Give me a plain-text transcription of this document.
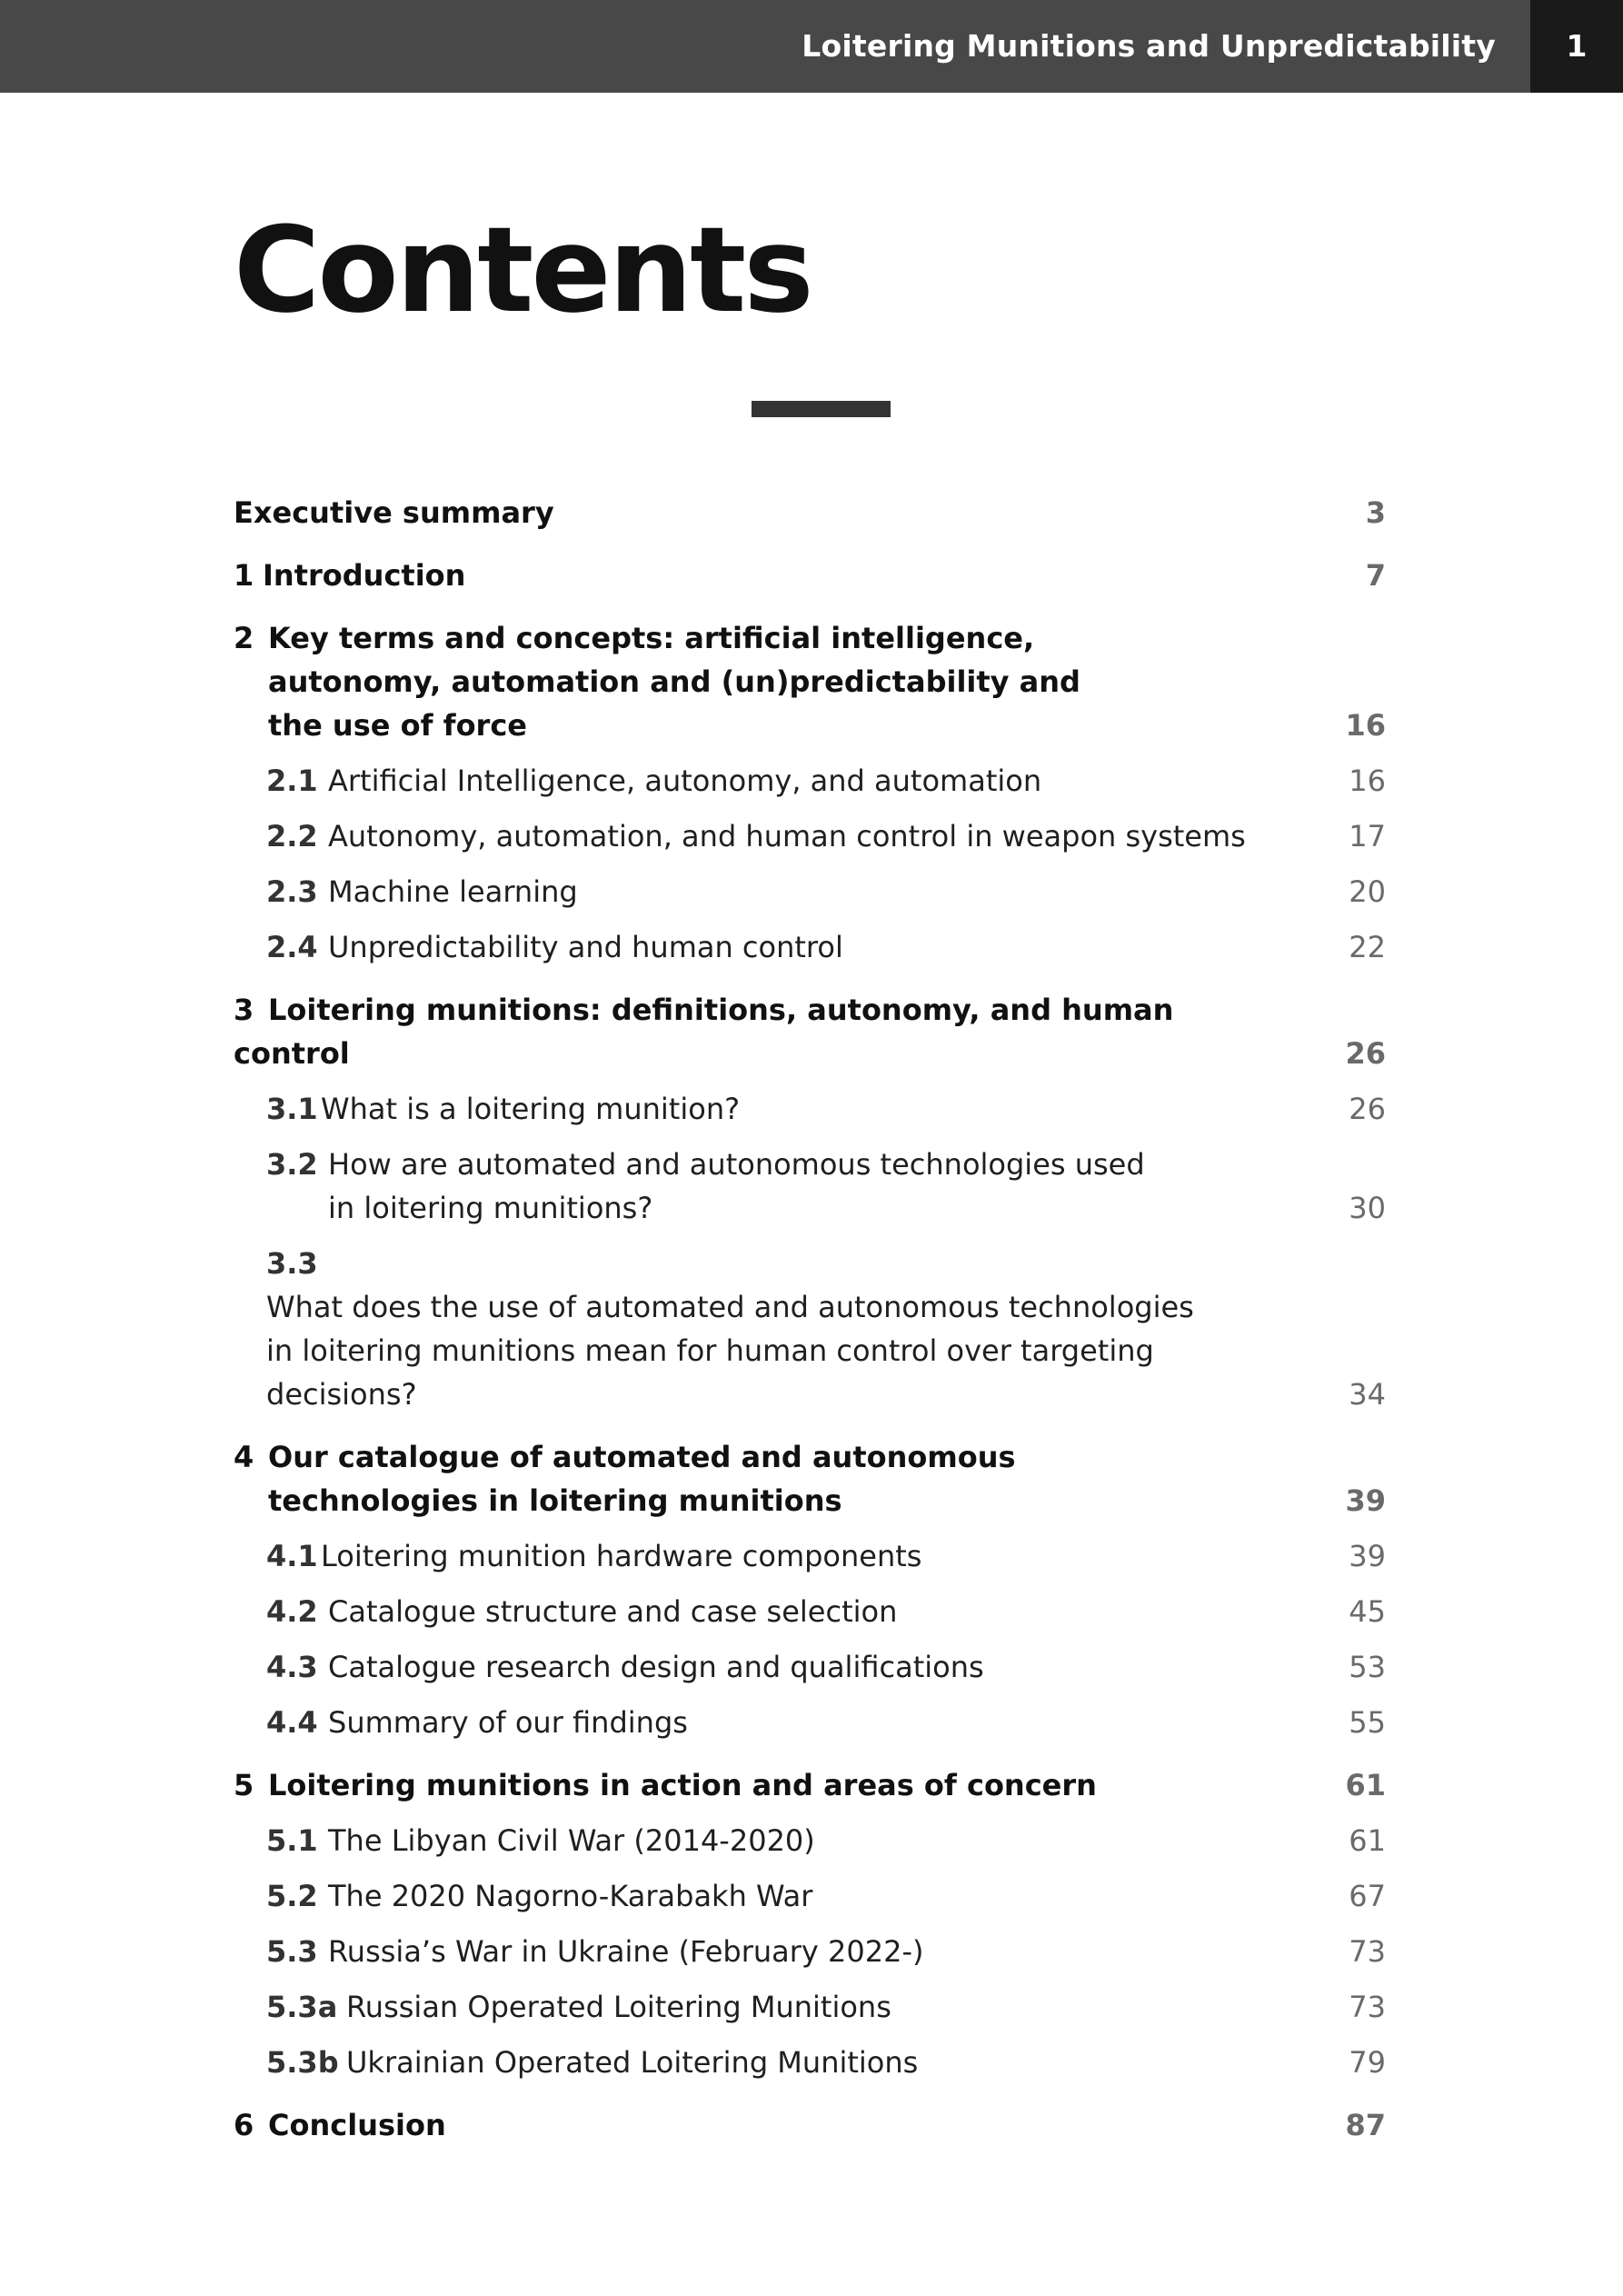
Loitering Munitions and Unpredictability	1
Contents
Executive summary	3
1 Introduction	7
2 Key terms and concepts: artificial intelligence, autonomy, automation and (un)predictability and the use of force	16
2.1 Artificial Intelligence, autonomy, and automation	16
2.2 Autonomy, automation, and human control in weapon systems	17
2.3 Machine learning	20
2.4 Unpredictability and human control	22
3 Loitering munitions: definitions, autonomy, and human control	26
3.1 What is a loitering munition?	26
3.2 How are automated and autonomous technologies used in loitering munitions?	30
3.3What does the use of automated and autonomous technologies in loitering munitions mean for human control over targeting decisions?	34
4 Our catalogue of automated and autonomous technologies in loitering munitions	39
4.1 Loitering munition hardware components	39
4.2 Catalogue structure and case selection	45
4.3 Catalogue research design and qualifications	53
4.4 Summary of our findings	55
5 Loitering munitions in action and areas of concern	61
5.1 The Libyan Civil War (2014-2020)	61
5.2 The 2020 Nagorno-Karabakh War	67
5.3 Russia’s War in Ukraine (February 2022-)	73
5.3a Russian Operated Loitering Munitions	73
5.3b Ukrainian Operated Loitering Munitions	79
6 Conclusion	87
